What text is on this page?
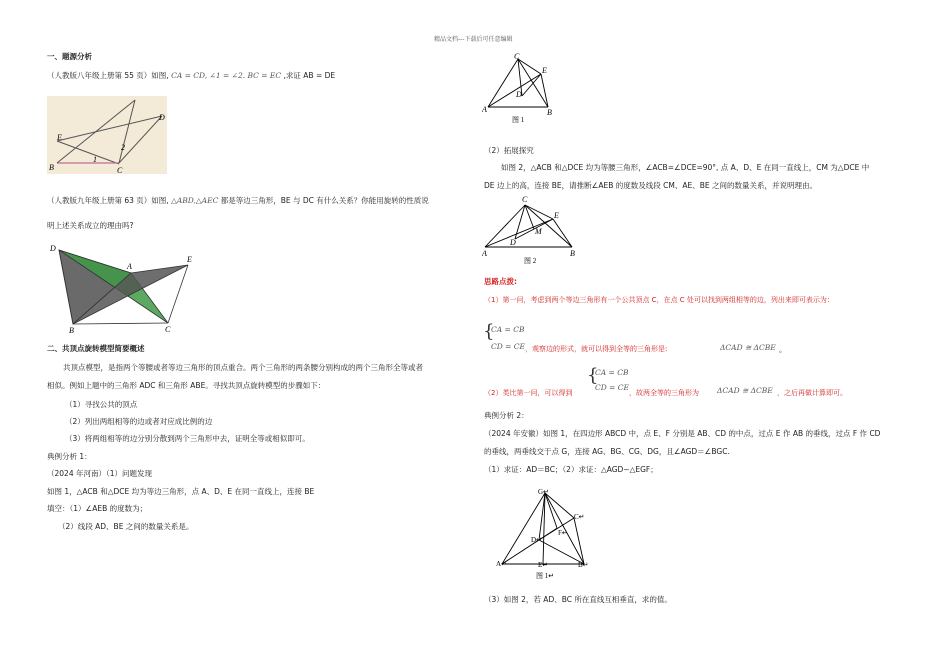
精品文档---下载后可任意编辑
一、题源分析
（人教版八年级上册第 55 页）如图, CA = CD, ∠1 = ∠2. BC = EC ,求证 AB = DE
D
E
B	C
1
2
（人教版九年级上册第 63 页）如图, △ABD,△AEC 都是等边三角形，BE 与 DC 有什么关系？你能用旋转的性质说
明上述关系成立的理由吗?
D
A
E
B	C
二、共顶点旋转模型简要概述
共顶点模型，是指两个等腰或者等边三角形的顶点重合。两个三角形的两条腰分别构成的两个三角形全等或者
相似。例如上题中的三角形 ADC 和三角形 ABE。寻找共顶点旋转模型的步骤如下：
（1）寻找公共的顶点
（2）列出两组相等的边或者对应成比例的边
（3）将两组相等的边分别分散到两个三角形中去，证明全等或相似即可。
典例分析 1：
（2024 年河南）（1）问题发现
如图 1，△ACB 和△DCE 均为等边三角形，点 A、D、E 在同一直线上，连接 BE
填空：（1）∠AEB 的度数为；
（2）线段 AD、BE 之间的数量关系是。
C
E
D
A	B
图 1
（2）拓展探究
如图 2，△ACB 和△DCE 均为等腰三角形，∠ACB=∠DCE=90°, 点 A、D、E 在同一直线上，CM 为△DCE 中
DE 边上的高，连接 BE，请推断∠AEB 的度数及线段 CM、AE、BE 之间的数量关系，并说明理由。
C
E
M
D
A	B
图 2
思路点拨:
（1）第一问，考虑到两个等边三角形有一个公共顶点 C，在点 C 处可以找到两组相等的边，列出来即可表示为：
{
CA = CB
CD = CE ，观察边的形式，就可以得到全等的三角形是:	ΔCAD ≅ ΔCBE 。
（2）类比第一问，可以得到
{
CA = CB
CD = CE
，故两全等的三角形为 ΔCAD ≅ ΔCBE ，之后再做计算即可。
典例分析 2：
（2024 年安徽）如图 1，在四边形 ABCD 中，点 E、F 分别是 AB、CD 的中点，过点 E 作 AB 的垂线，过点 F 作 CD
的垂线，两垂线交于点 G，连接 AG、BG、CG、DG，且∠AGD＝∠BGC.
（1）求证：AD＝BC；（2）求证：△AGD∽△EGF；
G↵
C↵
F↵
D↵
A↵	E↵	B↵
图 1↵
（3）如图 2，若 AD、BC 所在直线互相垂直，求的值。
